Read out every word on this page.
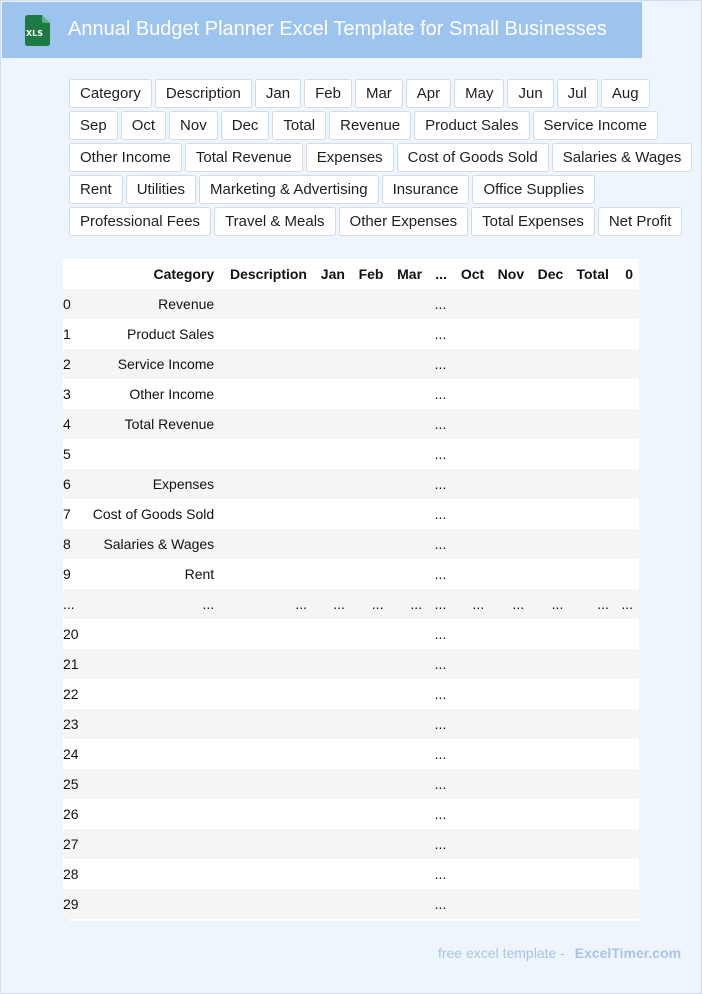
XLS Annual Budget Planner Excel Template for Small Businesses
Category	Description	Jan	Feb	Mar	Apr	May	Jun	Jul	Aug
Sep	Oct	Nov	Dec	Total	Revenue	Product Sales	Service Income
Other Income	Total Revenue	Expenses	Cost of Goods Sold	Salaries & Wages
Rent	Utilities	Marketing & Advertising	Insurance	Office Supplies
Professional Fees	Travel & Meals	Other Expenses	Total Expenses	Net Profit
	Category	Description	Jan	Feb	Mar	...	Oct	Nov	Dec	Total	0
0	Revenue					...					
1	Product Sales					...					
2	Service Income					...					
3	Other Income					...					
4	Total Revenue					...					
5						...					
6	Expenses					...					
7	Cost of Goods Sold					...					
8	Salaries & Wages					...					
9	Rent					...					
...	...	...	...	...	...	...	...	...	...	...	...
20						...					
21						...					
22						...					
23						...					
24						...					
25						...					
26						...					
27						...					
28						...					
29						...					
free excel template - ExcelTimer.com
